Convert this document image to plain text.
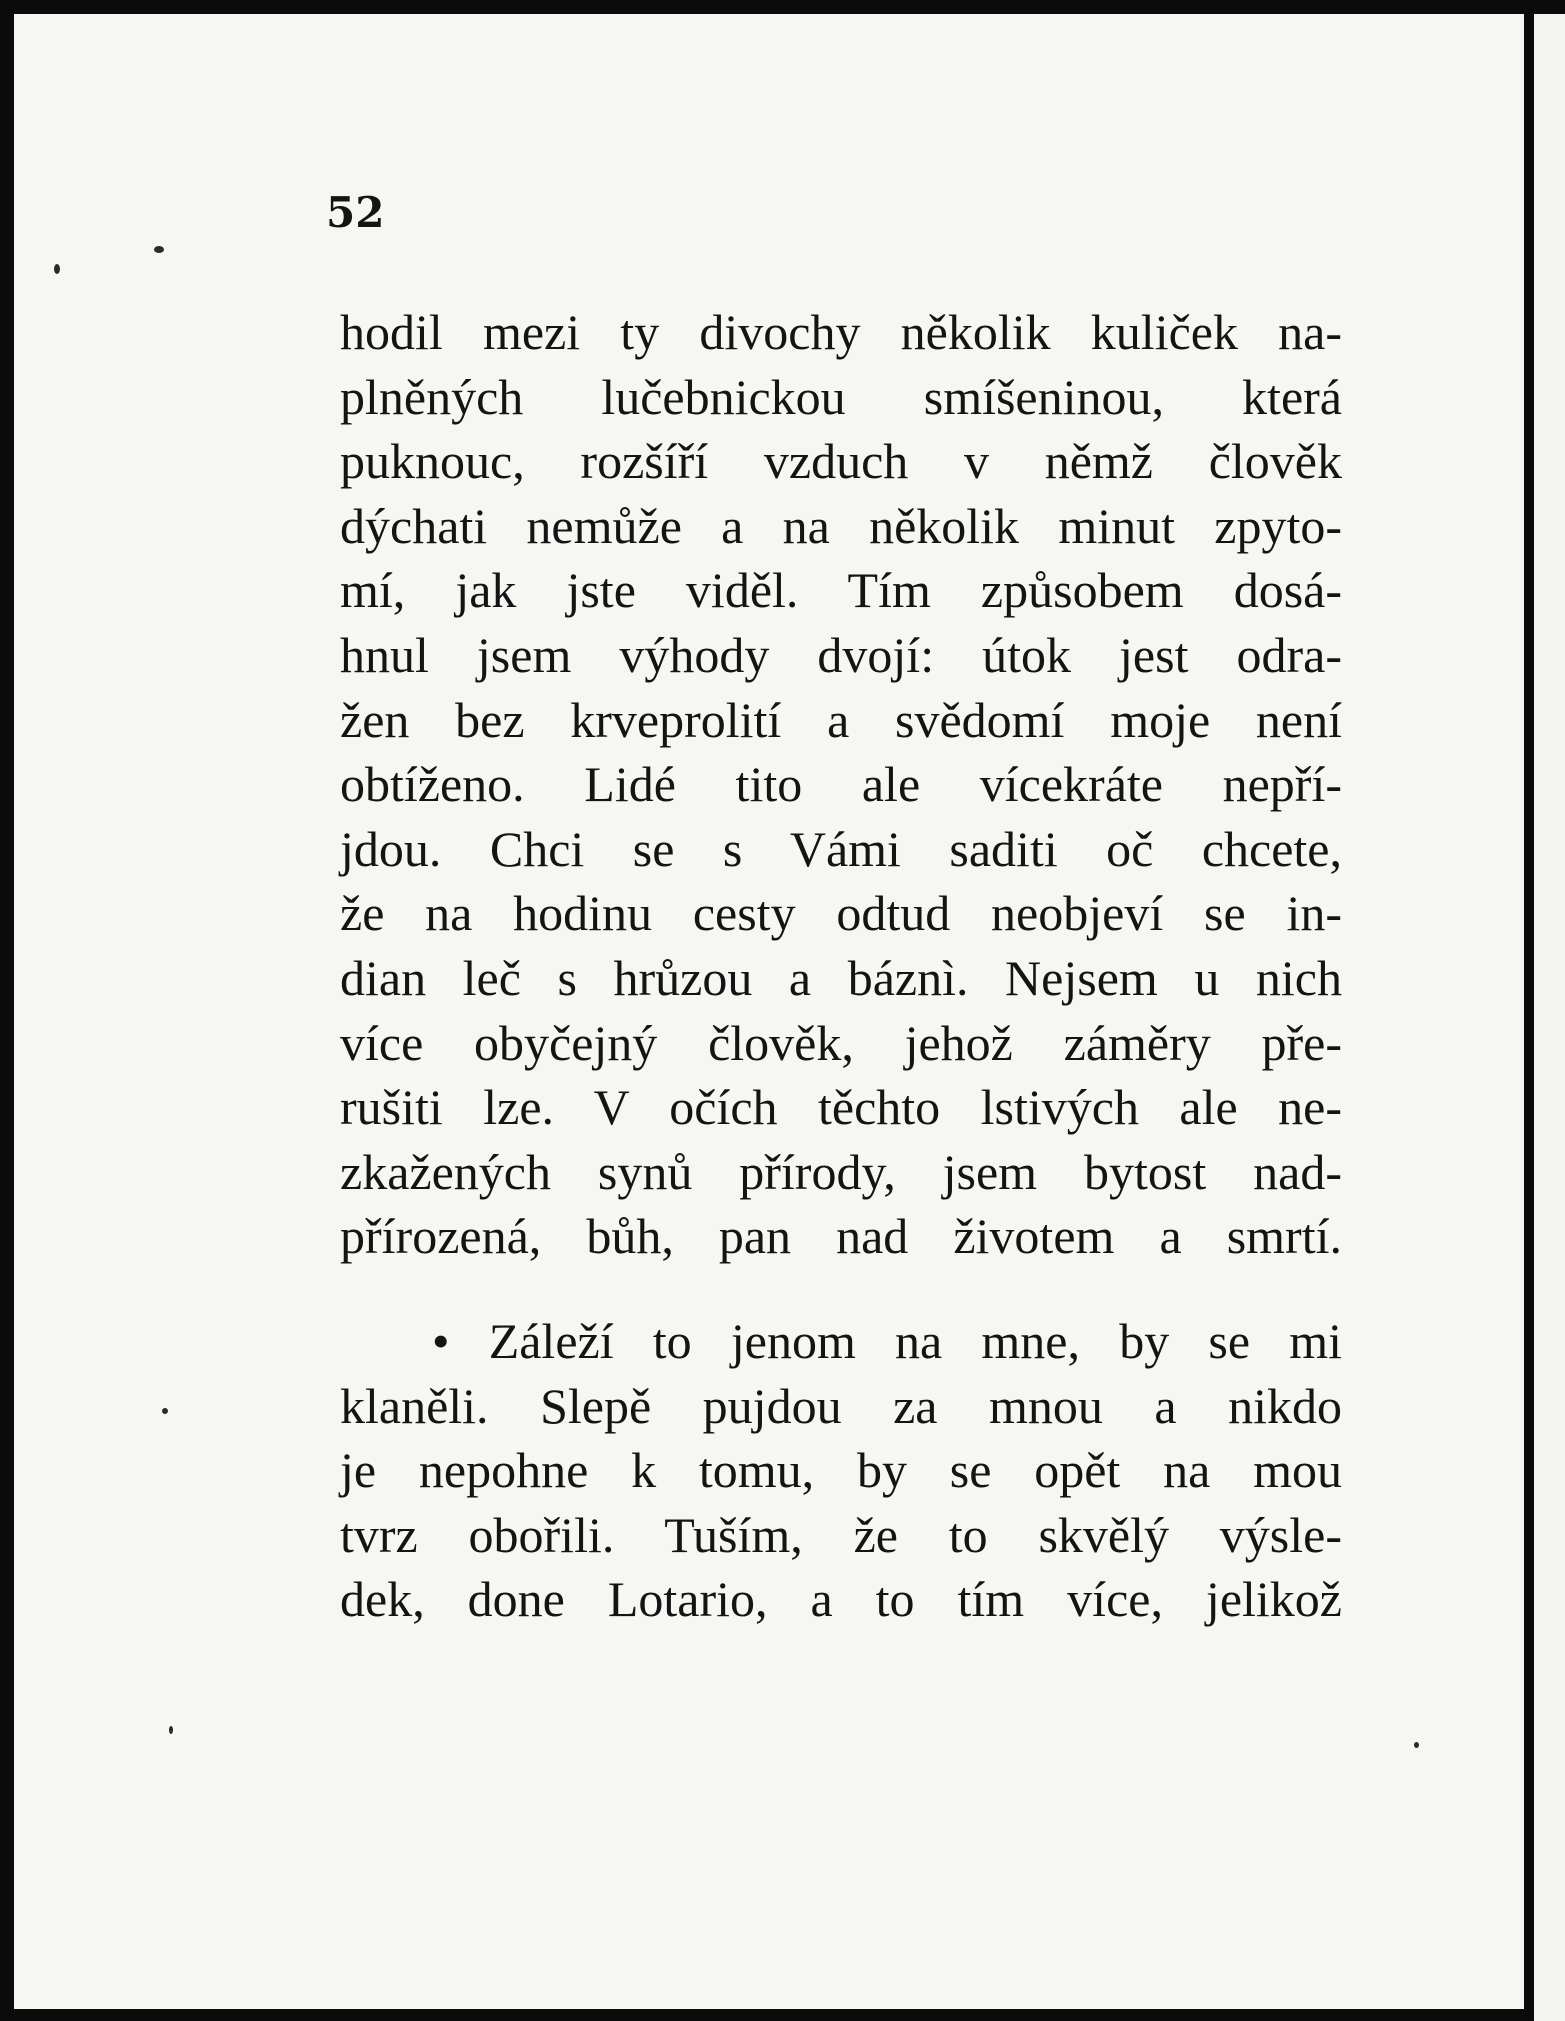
52

hodil mezi ty divochy několik kuliček na-
plněných lučebnickou smíšeninou, která
puknouc, rozšíří vzduch v němž člověk
dýchati nemůže a na několik minut zpyto-
mí, jak jste viděl. Tím způsobem dosá-
hnul jsem výhody dvojí: útok jest odra-
žen bez krveprolití a svědomí moje není
obtíženo. Lidé tito ale vícekráte nepří-
jdou. Chci se s Vámi saditi oč chcete,
že na hodinu cesty odtud neobjeví se in-
dian leč s hrůzou a báznì. Nejsem u nich
více obyčejný člověk, jehož záměry pře-
rušiti lze. V očích těchto lstivých ale ne-
zkažených synů přírody, jsem bytost nad-
přírozená, bůh, pan nad životem a smrtí.

• Záleží to jenom na mne, by se mi
klaněli. Slepě pujdou za mnou a nikdo
je nepohne k tomu, by se opět na mou
tvrz obořili. Tuším, že to skvělý výsle-
dek, done Lotario, a to tím více, jelikož
